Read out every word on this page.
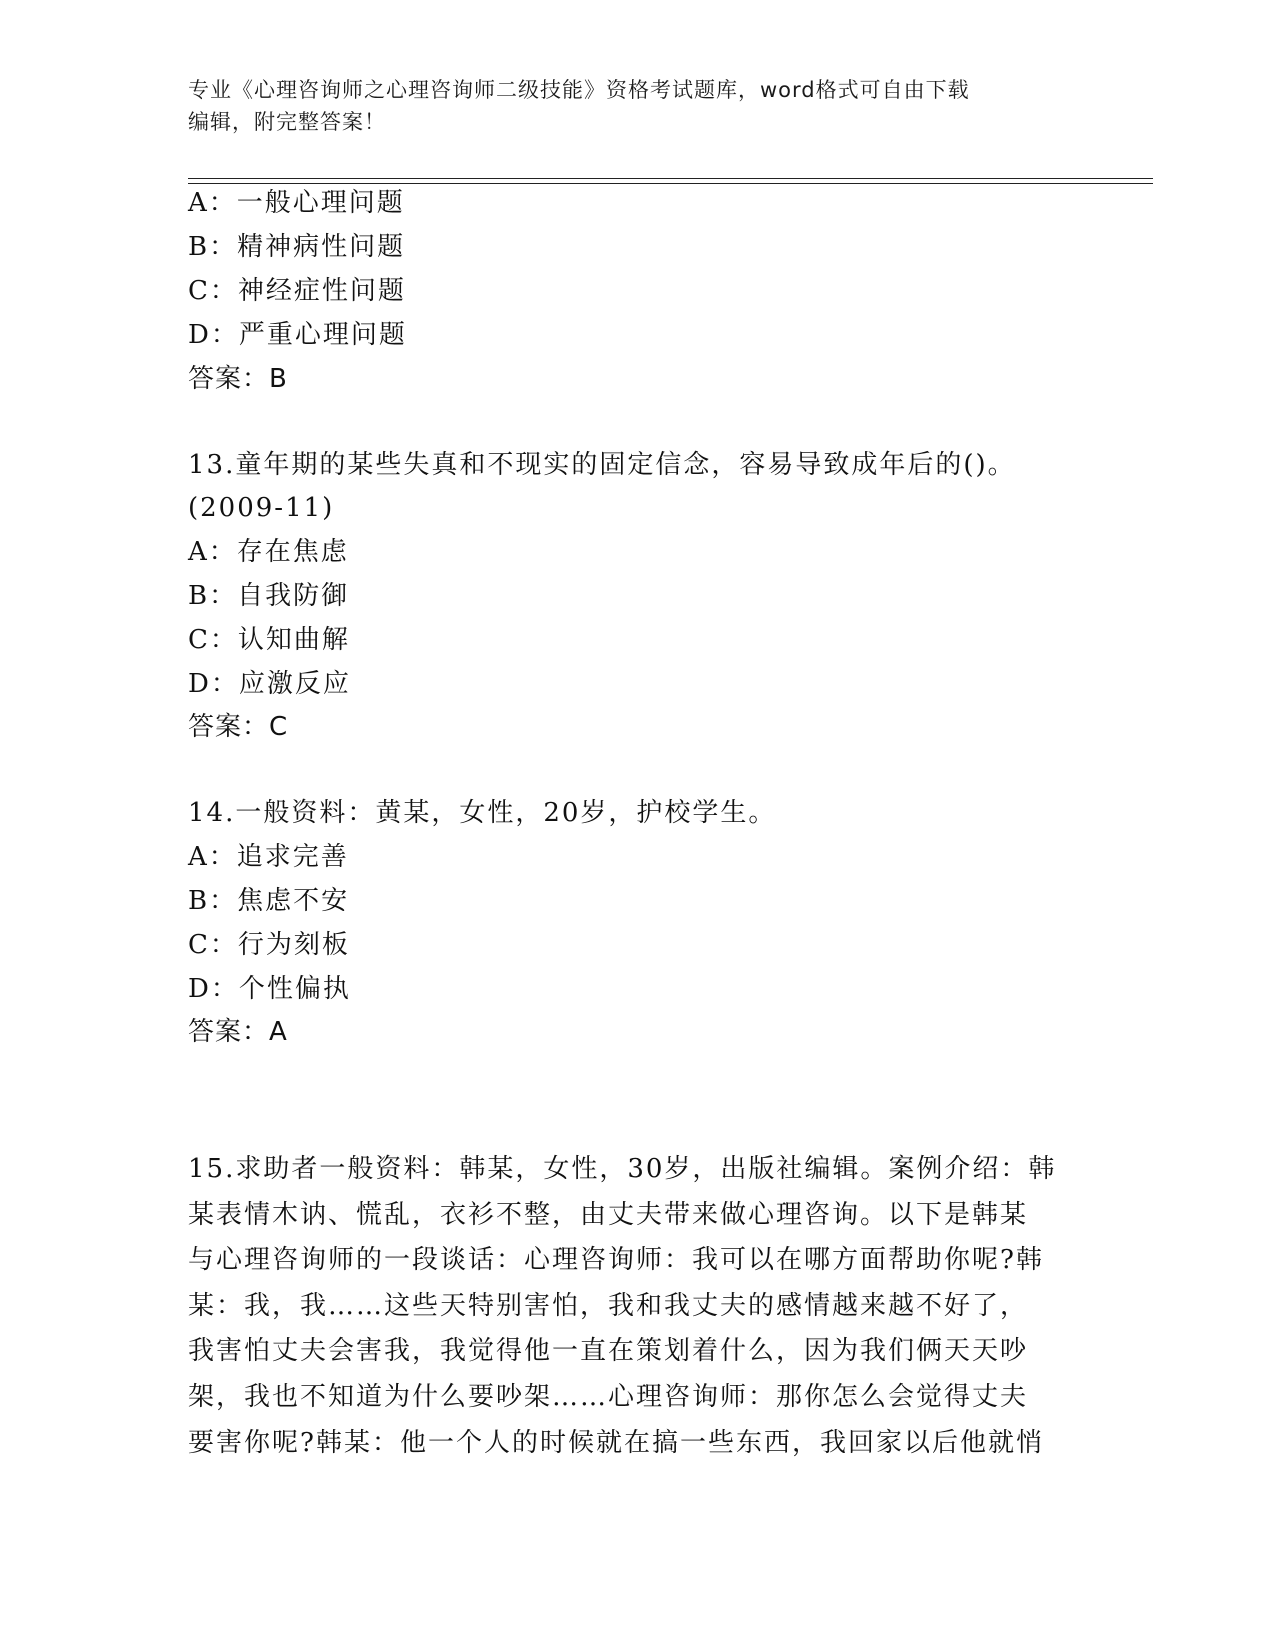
专业《心理咨询师之心理咨询师二级技能》资格考试题库，word格式可自由下载
编辑，附完整答案！
A：一般心理问题
B：精神病性问题
C：神经症性问题
D：严重心理问题
答案：B
13.童年期的某些失真和不现实的固定信念，容易导致成年后的()。
(2009-11)
A：存在焦虑
B：自我防御
C：认知曲解
D：应激反应
答案：C
14.一般资料：黄某，女性，20岁，护校学生。
A：追求完善
B：焦虑不安
C：行为刻板
D：个性偏执
答案：A
15.求助者一般资料：韩某，女性，30岁，出版社编辑。案例介绍：韩
某表情木讷、慌乱，衣衫不整，由丈夫带来做心理咨询。以下是韩某
与心理咨询师的一段谈话：心理咨询师：我可以在哪方面帮助你呢?韩
某：我，我……这些天特别害怕，我和我丈夫的感情越来越不好了，
我害怕丈夫会害我，我觉得他一直在策划着什么，因为我们俩天天吵
架，我也不知道为什么要吵架……心理咨询师：那你怎么会觉得丈夫
要害你呢?韩某：他一个人的时候就在搞一些东西，我回家以后他就悄
